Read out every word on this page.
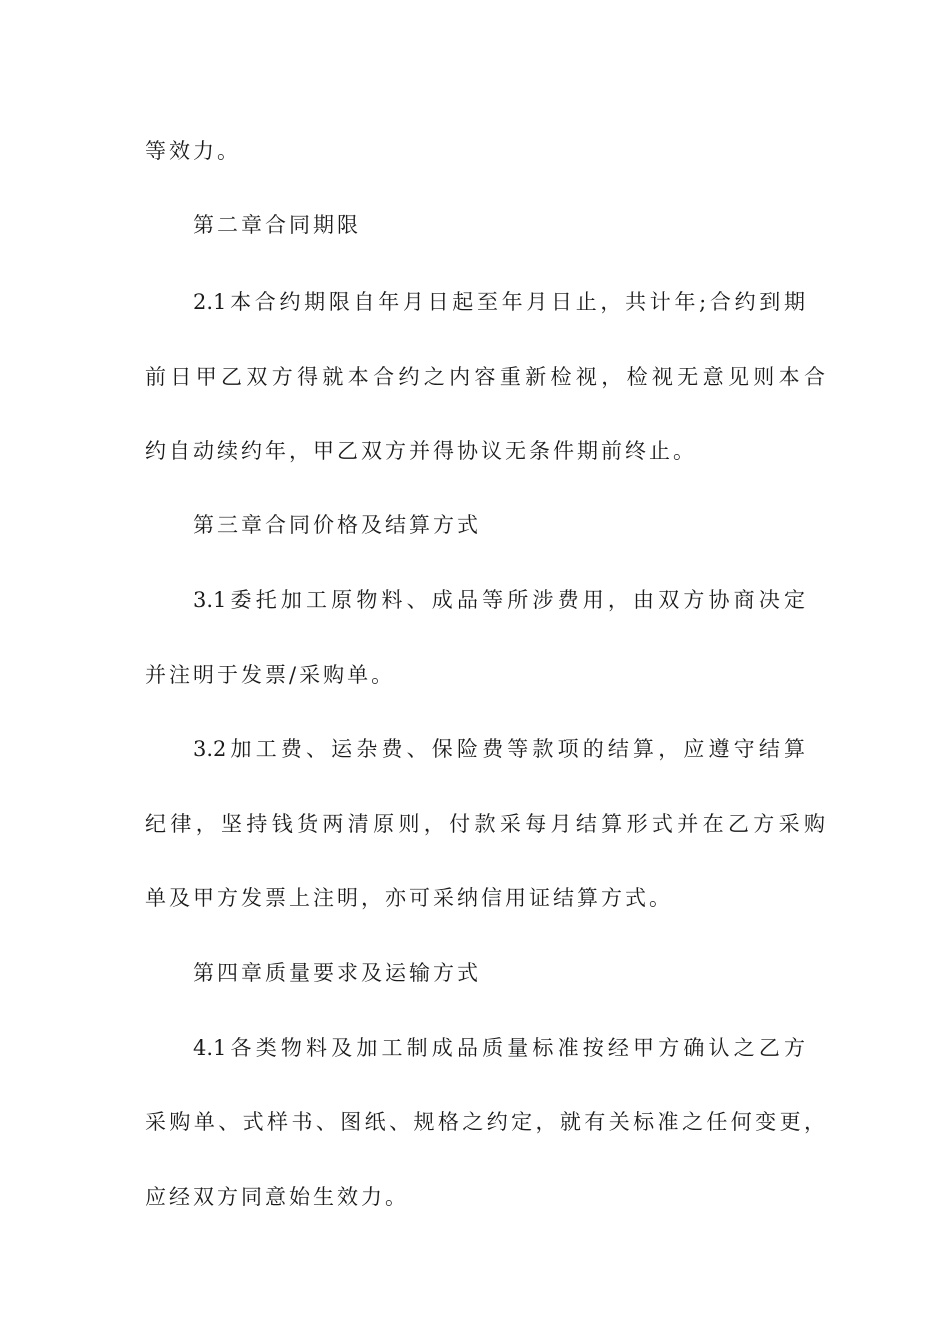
等效力。
第二章合同期限
2.1本合约期限自年月日起至年月日止，共计年;合约到期
前日甲乙双方得就本合约之内容重新检视，检视无意见则本合
约自动续约年，甲乙双方并得协议无条件期前终止。
第三章合同价格及结算方式
3.1委托加工原物料、成品等所涉费用，由双方协商决定
并注明于发票/采购单。
3.2加工费、运杂费、保险费等款项的结算，应遵守结算
纪律，坚持钱货两清原则，付款采每月结算形式并在乙方采购
单及甲方发票上注明，亦可采纳信用证结算方式。
第四章质量要求及运输方式
4.1各类物料及加工制成品质量标准按经甲方确认之乙方
采购单、式样书、图纸、规格之约定，就有关标准之任何变更，
应经双方同意始生效力。
